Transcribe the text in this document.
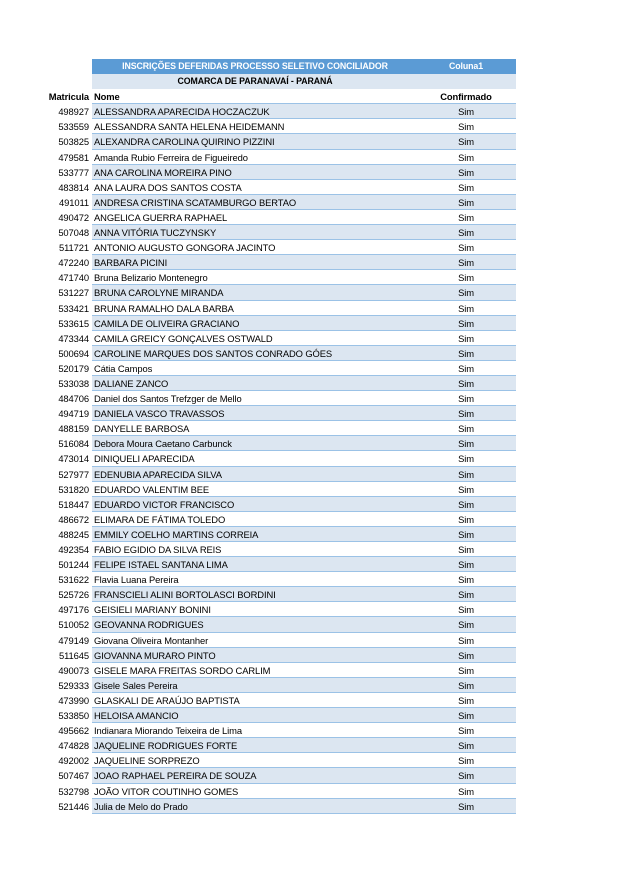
INSCRIÇÕES DEFERIDAS PROCESSO SELETIVO CONCILIADOR	Coluna1
COMARCA DE PARANAVAÍ - PARANÁ
Matricula Nome	Confirmado
498927 ALESSANDRA APARECIDA HOCZACZUK	Sim
533559 ALESSANDRA SANTA HELENA HEIDEMANN	Sim
503825 ALEXANDRA CAROLINA QUIRINO PIZZINI	Sim
479581 Amanda Rubio Ferreira de Figueiredo	Sim
533777 ANA CAROLINA MOREIRA PINO	Sim
483814 ANA LAURA DOS SANTOS COSTA	Sim
491011 ANDRESA CRISTINA SCATAMBURGO BERTAO	Sim
490472 ANGELICA GUERRA RAPHAEL	Sim
507048 ANNA VITÓRIA TUCZYNSKY	Sim
511721 ANTONIO AUGUSTO GONGORA JACINTO	Sim
472240 BARBARA PICINI	Sim
471740 Bruna Belizario Montenegro	Sim
531227 BRUNA CAROLYNE MIRANDA	Sim
533421 BRUNA RAMALHO DALA BARBA	Sim
533615 CAMILA DE OLIVEIRA GRACIANO	Sim
473344 CAMILA GREICY GONÇALVES OSTWALD	Sim
500694 CAROLINE MARQUES DOS SANTOS CONRADO GÓES	Sim
520179 Cátia Campos	Sim
533038 DALIANE ZANCO	Sim
484706 Daniel dos Santos Trefzger de Mello	Sim
494719 DANIELA VASCO TRAVASSOS	Sim
488159 DANYELLE BARBOSA	Sim
516084 Debora Moura Caetano Carbunck	Sim
473014 DINIQUELI APARECIDA	Sim
527977 EDENUBIA APARECIDA SILVA	Sim
531820 EDUARDO VALENTIM BEE	Sim
518447 EDUARDO VICTOR FRANCISCO	Sim
486672 ELIMARA DE FÁTIMA TOLEDO	Sim
488245 EMMILY COELHO MARTINS CORREIA	Sim
492354 FABIO EGIDIO DA SILVA REIS	Sim
501244 FELIPE ISTAEL SANTANA LIMA	Sim
531622 Flavia Luana Pereira	Sim
525726 FRANSCIELI ALINI BORTOLASCI BORDINI	Sim
497176 GEISIELI MARIANY BONINI	Sim
510052 GEOVANNA RODRIGUES	Sim
479149 Giovana Oliveira Montanher	Sim
511645 GIOVANNA MURARO PINTO	Sim
490073 GISELE MARA FREITAS SORDO CARLIM	Sim
529333 Gisele Sales Pereira	Sim
473990 GLASKALI DE ARAÚJO BAPTISTA	Sim
533850 HELOISA AMANCIO	Sim
495662 Indianara Miorando Teixeira de Lima	Sim
474828 JAQUELINE RODRIGUES FORTE	Sim
492002 JAQUELINE SORPREZO	Sim
507467 JOAO RAPHAEL PEREIRA DE SOUZA	Sim
532798 JOÃO VITOR COUTINHO GOMES	Sim
521446 Julia de Melo do Prado	Sim
